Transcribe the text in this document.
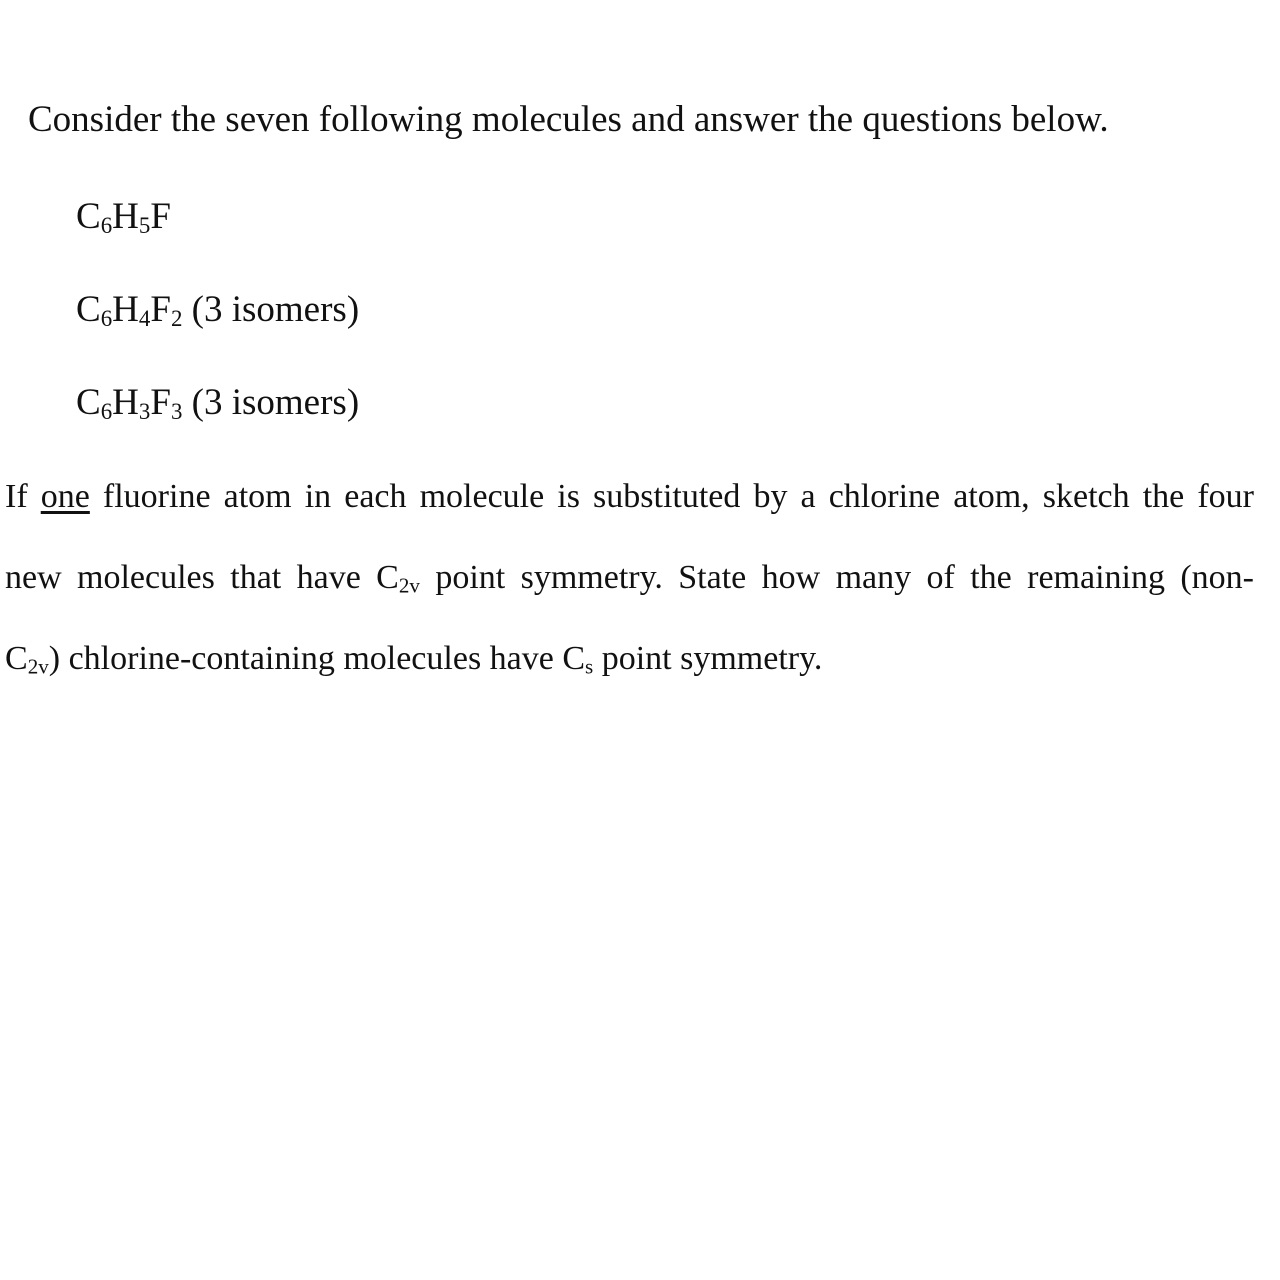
Consider the seven following molecules and answer the questions below.

$C_6H_5F$

$C_6H_4F_2$ (3 isomers)

$C_6H_3F_3$ (3 isomers)

If one fluorine atom in each molecule is substituted by a chlorine atom, sketch the four

new molecules that have $C_{2v}$ point symmetry. State how many of the remaining (non-

$C_{2v}$) chlorine-containing molecules have $C_s$ point symmetry.
